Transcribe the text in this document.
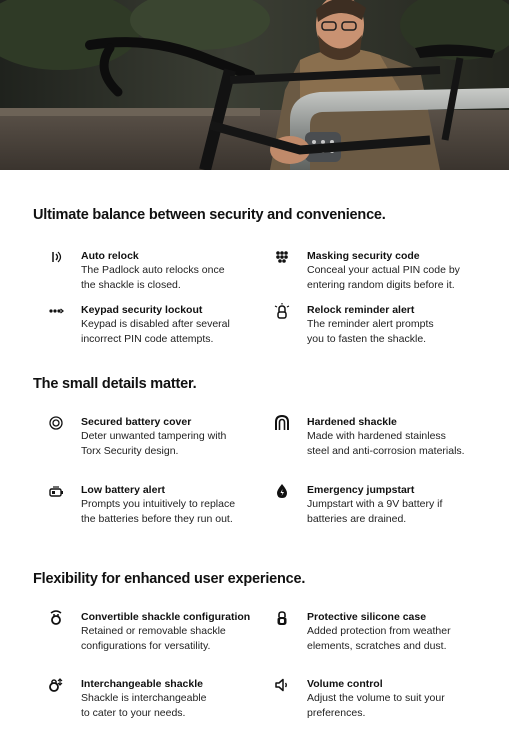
Ultimate balance between security and convenience.
Auto relock
The Padlock auto relocks once
the shackle is closed.
Masking security code
Conceal your actual PIN code by
entering random digits before it.
Keypad security lockout
Keypad is disabled after several
incorrect PIN code attempts.
Relock reminder alert
The reminder alert prompts
you to fasten the shackle.
The small details matter.
Secured battery cover
Deter unwanted tampering with
Torx Security design.
Hardened shackle
Made with hardened stainless
steel and anti-corrosion materials.
Low battery alert
Prompts you intuitively to replace
the batteries before they run out.
Emergency jumpstart
Jumpstart with a 9V battery if
batteries are drained.
Flexibility for enhanced user experience.
Convertible shackle configuration
Retained or removable shackle
configurations for versatility.
Protective silicone case
Added protection from weather
elements, scratches and dust.
Interchangeable shackle
Shackle is interchangeable
to cater to your needs.
Volume control
Adjust the volume to suit your
preferences.
